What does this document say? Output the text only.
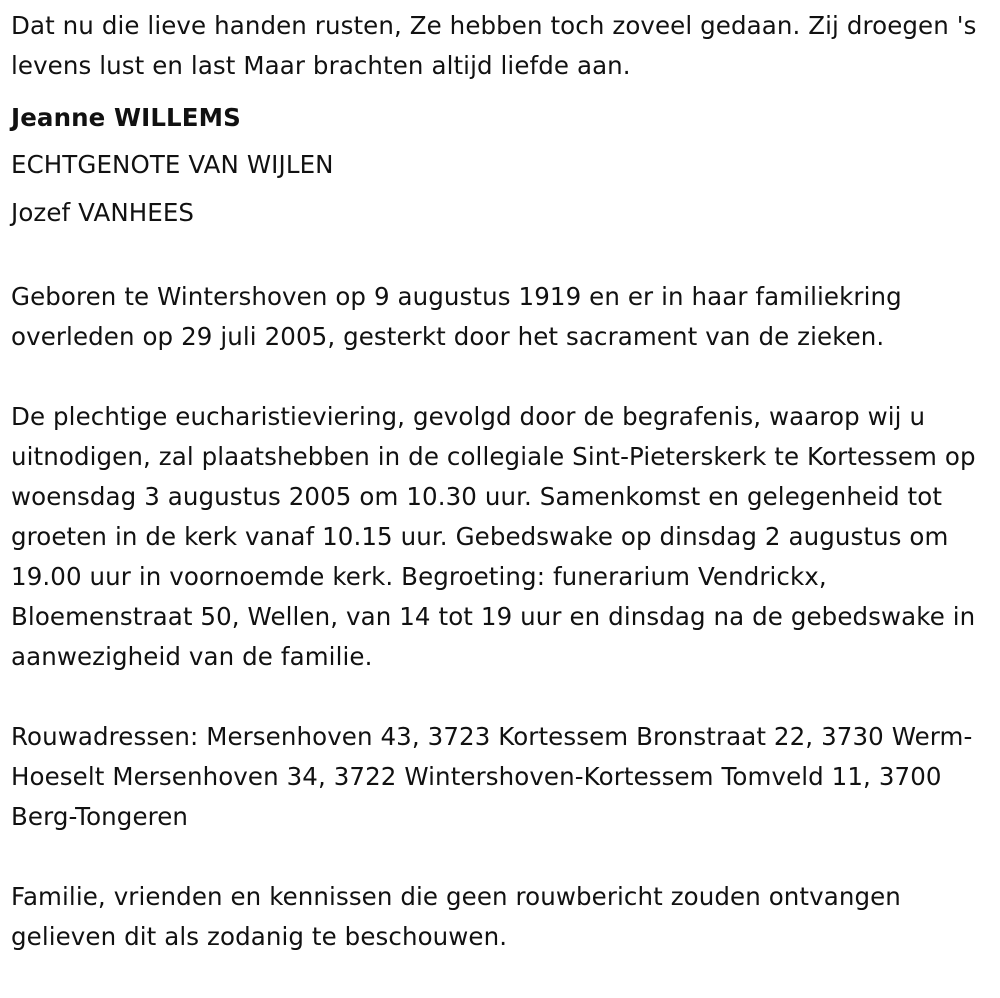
Dat nu die lieve handen rusten, Ze hebben toch zoveel gedaan. Zij droegen 's levens lust en last Maar brachten altijd liefde aan.

Jeanne WILLEMS

ECHTGENOTE VAN WIJLEN

Jozef VANHEES

Geboren te Wintershoven op 9 augustus 1919 en er in haar familiekring overleden op 29 juli 2005, gesterkt door het sacrament van de zieken.

De plechtige eucharistieviering, gevolgd door de begrafenis, waarop wij u uitnodigen, zal plaatshebben in de collegiale Sint-Pieterskerk te Kortessem op woensdag 3 augustus 2005 om 10.30 uur. Samenkomst en gelegenheid tot groeten in de kerk vanaf 10.15 uur. Gebedswake op dinsdag 2 augustus om 19.00 uur in voornoemde kerk. Begroeting: funerarium Vendrickx, Bloemenstraat 50, Wellen, van 14 tot 19 uur en dinsdag na de gebedswake in aanwezigheid van de familie.

Rouwadressen: Mersenhoven 43, 3723 Kortessem Bronstraat 22, 3730 Werm-Hoeselt Mersenhoven 34, 3722 Wintershoven-Kortessem Tomveld 11, 3700 Berg-Tongeren

Familie, vrienden en kennissen die geen rouwbericht zouden ontvangen gelieven dit als zodanig te beschouwen.
